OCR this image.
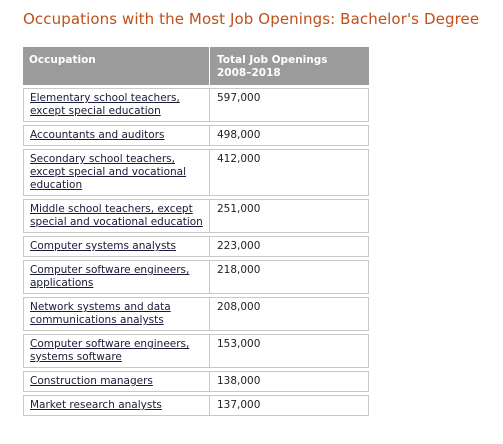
Occupations with the Most Job Openings: Bachelor's Degree
Occupation	Total Job Openings 2008–2018
Elementary school teachers, except special education	597,000
Accountants and auditors	498,000
Secondary school teachers, except special and vocational education	412,000
Middle school teachers, except special and vocational education	251,000
Computer systems analysts	223,000
Computer software engineers, applications	218,000
Network systems and data communications analysts	208,000
Computer software engineers, systems software	153,000
Construction managers	138,000
Market research analysts	137,000
